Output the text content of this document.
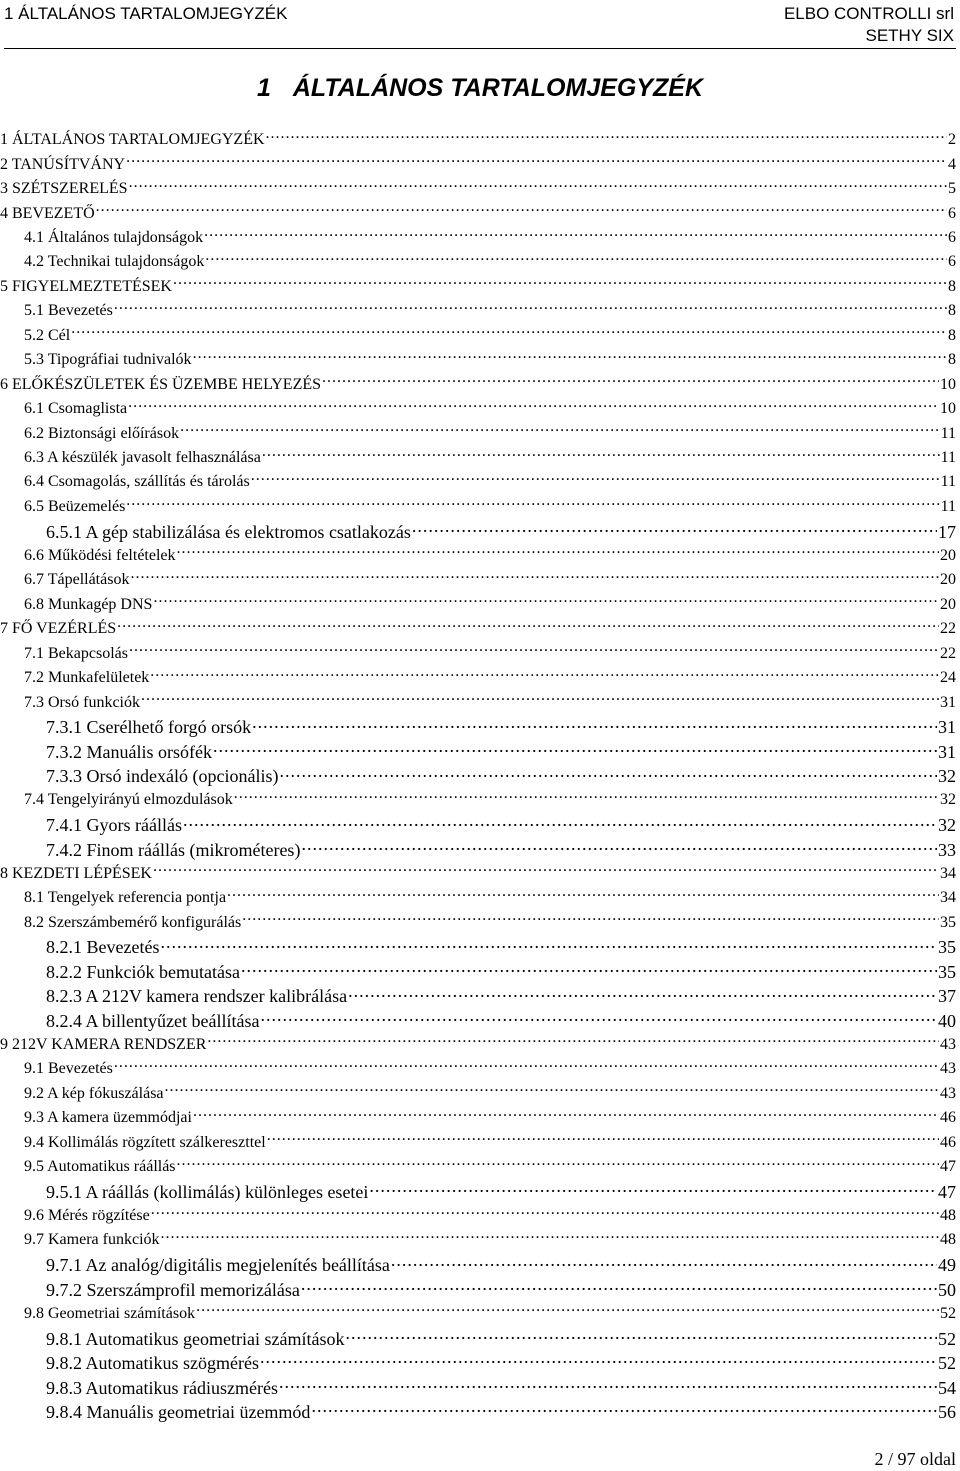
1 ÁLTALÁNOS TARTALOMJEGYZÉK	ELBO CONTROLLI srl
SETHY SIX
1 ÁLTALÁNOS TARTALOMJEGYZÉK
1 ÁLTALÁNOS TARTALOMJEGYZÉK .....	2
2 TANÚSÍTVÁNY .....	4
3 SZÉTSZERELÉS .....	5
4 BEVEZETŐ .....	6
4.1 Általános tulajdonságok .....	6
4.2 Technikai tulajdonságok .....	6
5 FIGYELMEZTETÉSEK .....	8
5.1 Bevezetés .....	8
5.2 Cél .....	8
5.3 Tipográfiai tudnivalók .....	8
6 ELŐKÉSZÜLETEK ÉS ÜZEMBE HELYEZÉS .....	10
6.1 Csomaglista .....	10
6.2 Biztonsági előírások .....	11
6.3 A készülék javasolt felhasználása .....	11
6.4 Csomagolás, szállítás és tárolás .....	11
6.5 Beüzemelés .....	11
6.5.1 A gép stabilizálása és elektromos csatlakozás .....	17
6.6 Működési feltételek .....	20
6.7 Tápellátások .....	20
6.8 Munkagép DNS .....	20
7 FŐ VEZÉRLÉS .....	22
7.1 Bekapcsolás .....	22
7.2 Munkafelületek .....	24
7.3 Orsó funkciók .....	31
7.3.1 Cserélhető forgó orsók .....	31
7.3.2 Manuális orsófék .....	31
7.3.3 Orsó indexáló (opcionális) .....	32
7.4 Tengelyirányú elmozdulások .....	32
7.4.1 Gyors ráállás .....	32
7.4.2 Finom ráállás (mikrométeres) .....	33
8 KEZDETI LÉPÉSEK .....	34
8.1 Tengelyek referencia pontja .....	34
8.2 Szerszámbemérő konfigurálás .....	35
8.2.1 Bevezetés .....	35
8.2.2 Funkciók bemutatása .....	35
8.2.3 A 212V kamera rendszer kalibrálása .....	37
8.2.4 A billentyűzet beállítása .....	40
9 212V KAMERA RENDSZER .....	43
9.1 Bevezetés .....	43
9.2 A kép fókuszálása .....	43
9.3 A kamera üzemmódjai .....	46
9.4 Kollimálás rögzített szálkereszttel .....	46
9.5 Automatikus ráállás .....	47
9.5.1 A ráállás (kollimálás) különleges esetei .....	47
9.6 Mérés rögzítése .....	48
9.7 Kamera funkciók .....	48
9.7.1 Az analóg/digitális megjelenítés beállítása .....	49
9.7.2 Szerszámprofil memorizálása .....	50
9.8 Geometriai számítások .....	52
9.8.1 Automatikus geometriai számítások .....	52
9.8.2 Automatikus szögmérés .....	52
9.8.3 Automatikus rádiuszmérés .....	54
9.8.4 Manuális geometriai üzemmód .....	56
2 / 97 oldal
